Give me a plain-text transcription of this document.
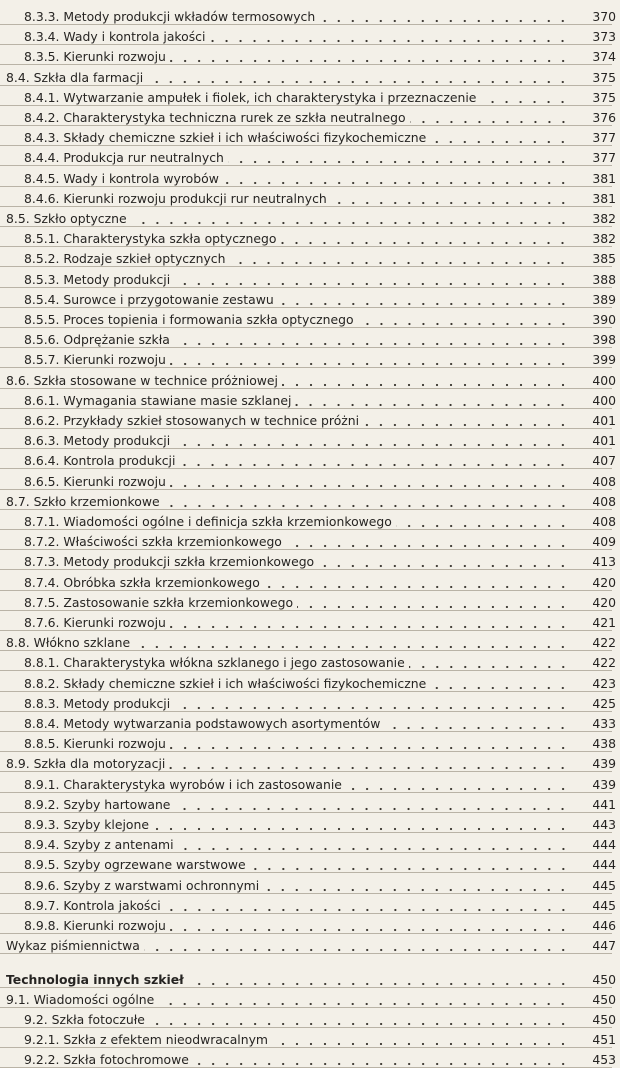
8.3.3. Metody produkcji wkładów termosowych	370
8.3.4. Wady i kontrola jakości	373
8.3.5. Kierunki rozwoju	374
8.4. Szkła dla farmacji	375
8.4.1. Wytwarzanie ampułek i fiolek, ich charakterystyka i przeznaczenie	375
8.4.2. Charakterystyka techniczna rurek ze szkła neutralnego	376
8.4.3. Składy chemiczne szkieł i ich właściwości fizykochemiczne	377
8.4.4. Produkcja rur neutralnych	377
8.4.5. Wady i kontrola wyrobów	381
8.4.6. Kierunki rozwoju produkcji rur neutralnych	381
8.5. Szkło optyczne	382
8.5.1. Charakterystyka szkła optycznego	382
8.5.2. Rodzaje szkieł optycznych	385
8.5.3. Metody produkcji	388
8.5.4. Surowce i przygotowanie zestawu	389
8.5.5. Proces topienia i formowania szkła optycznego	390
8.5.6. Odprężanie szkła	398
8.5.7. Kierunki rozwoju	399
8.6. Szkła stosowane w technice próżniowej	400
8.6.1. Wymagania stawiane masie szklanej	400
8.6.2. Przykłady szkieł stosowanych w technice próżni	401
8.6.3. Metody produkcji	401
8.6.4. Kontrola produkcji	407
8.6.5. Kierunki rozwoju	408
8.7. Szkło krzemionkowe	408
8.7.1. Wiadomości ogólne i definicja szkła krzemionkowego	408
8.7.2. Właściwości szkła krzemionkowego	409
8.7.3. Metody produkcji szkła krzemionkowego	413
8.7.4. Obróbka szkła krzemionkowego	420
8.7.5. Zastosowanie szkła krzemionkowego	420
8.7.6. Kierunki rozwoju	421
8.8. Włókno szklane	422
8.8.1. Charakterystyka włókna szklanego i jego zastosowanie	422
8.8.2. Składy chemiczne szkieł i ich właściwości fizykochemiczne	423
8.8.3. Metody produkcji	425
8.8.4. Metody wytwarzania podstawowych asortymentów	433
8.8.5. Kierunki rozwoju	438
8.9. Szkła dla motoryzacji	439
8.9.1. Charakterystyka wyrobów i ich zastosowanie	439
8.9.2. Szyby hartowane	441
8.9.3. Szyby klejone	443
8.9.4. Szyby z antenami	444
8.9.5. Szyby ogrzewane warstwowe	444
8.9.6. Szyby z warstwami ochronnymi	445
8.9.7. Kontrola jakości	445
8.9.8. Kierunki rozwoju	446
Wykaz piśmiennictwa	447
Technologia innych szkieł	450
9.1. Wiadomości ogólne	450
9.2. Szkła fotoczułe	450
9.2.1. Szkła z efektem nieodwracalnym	451
9.2.2. Szkła fotochromowe	453
